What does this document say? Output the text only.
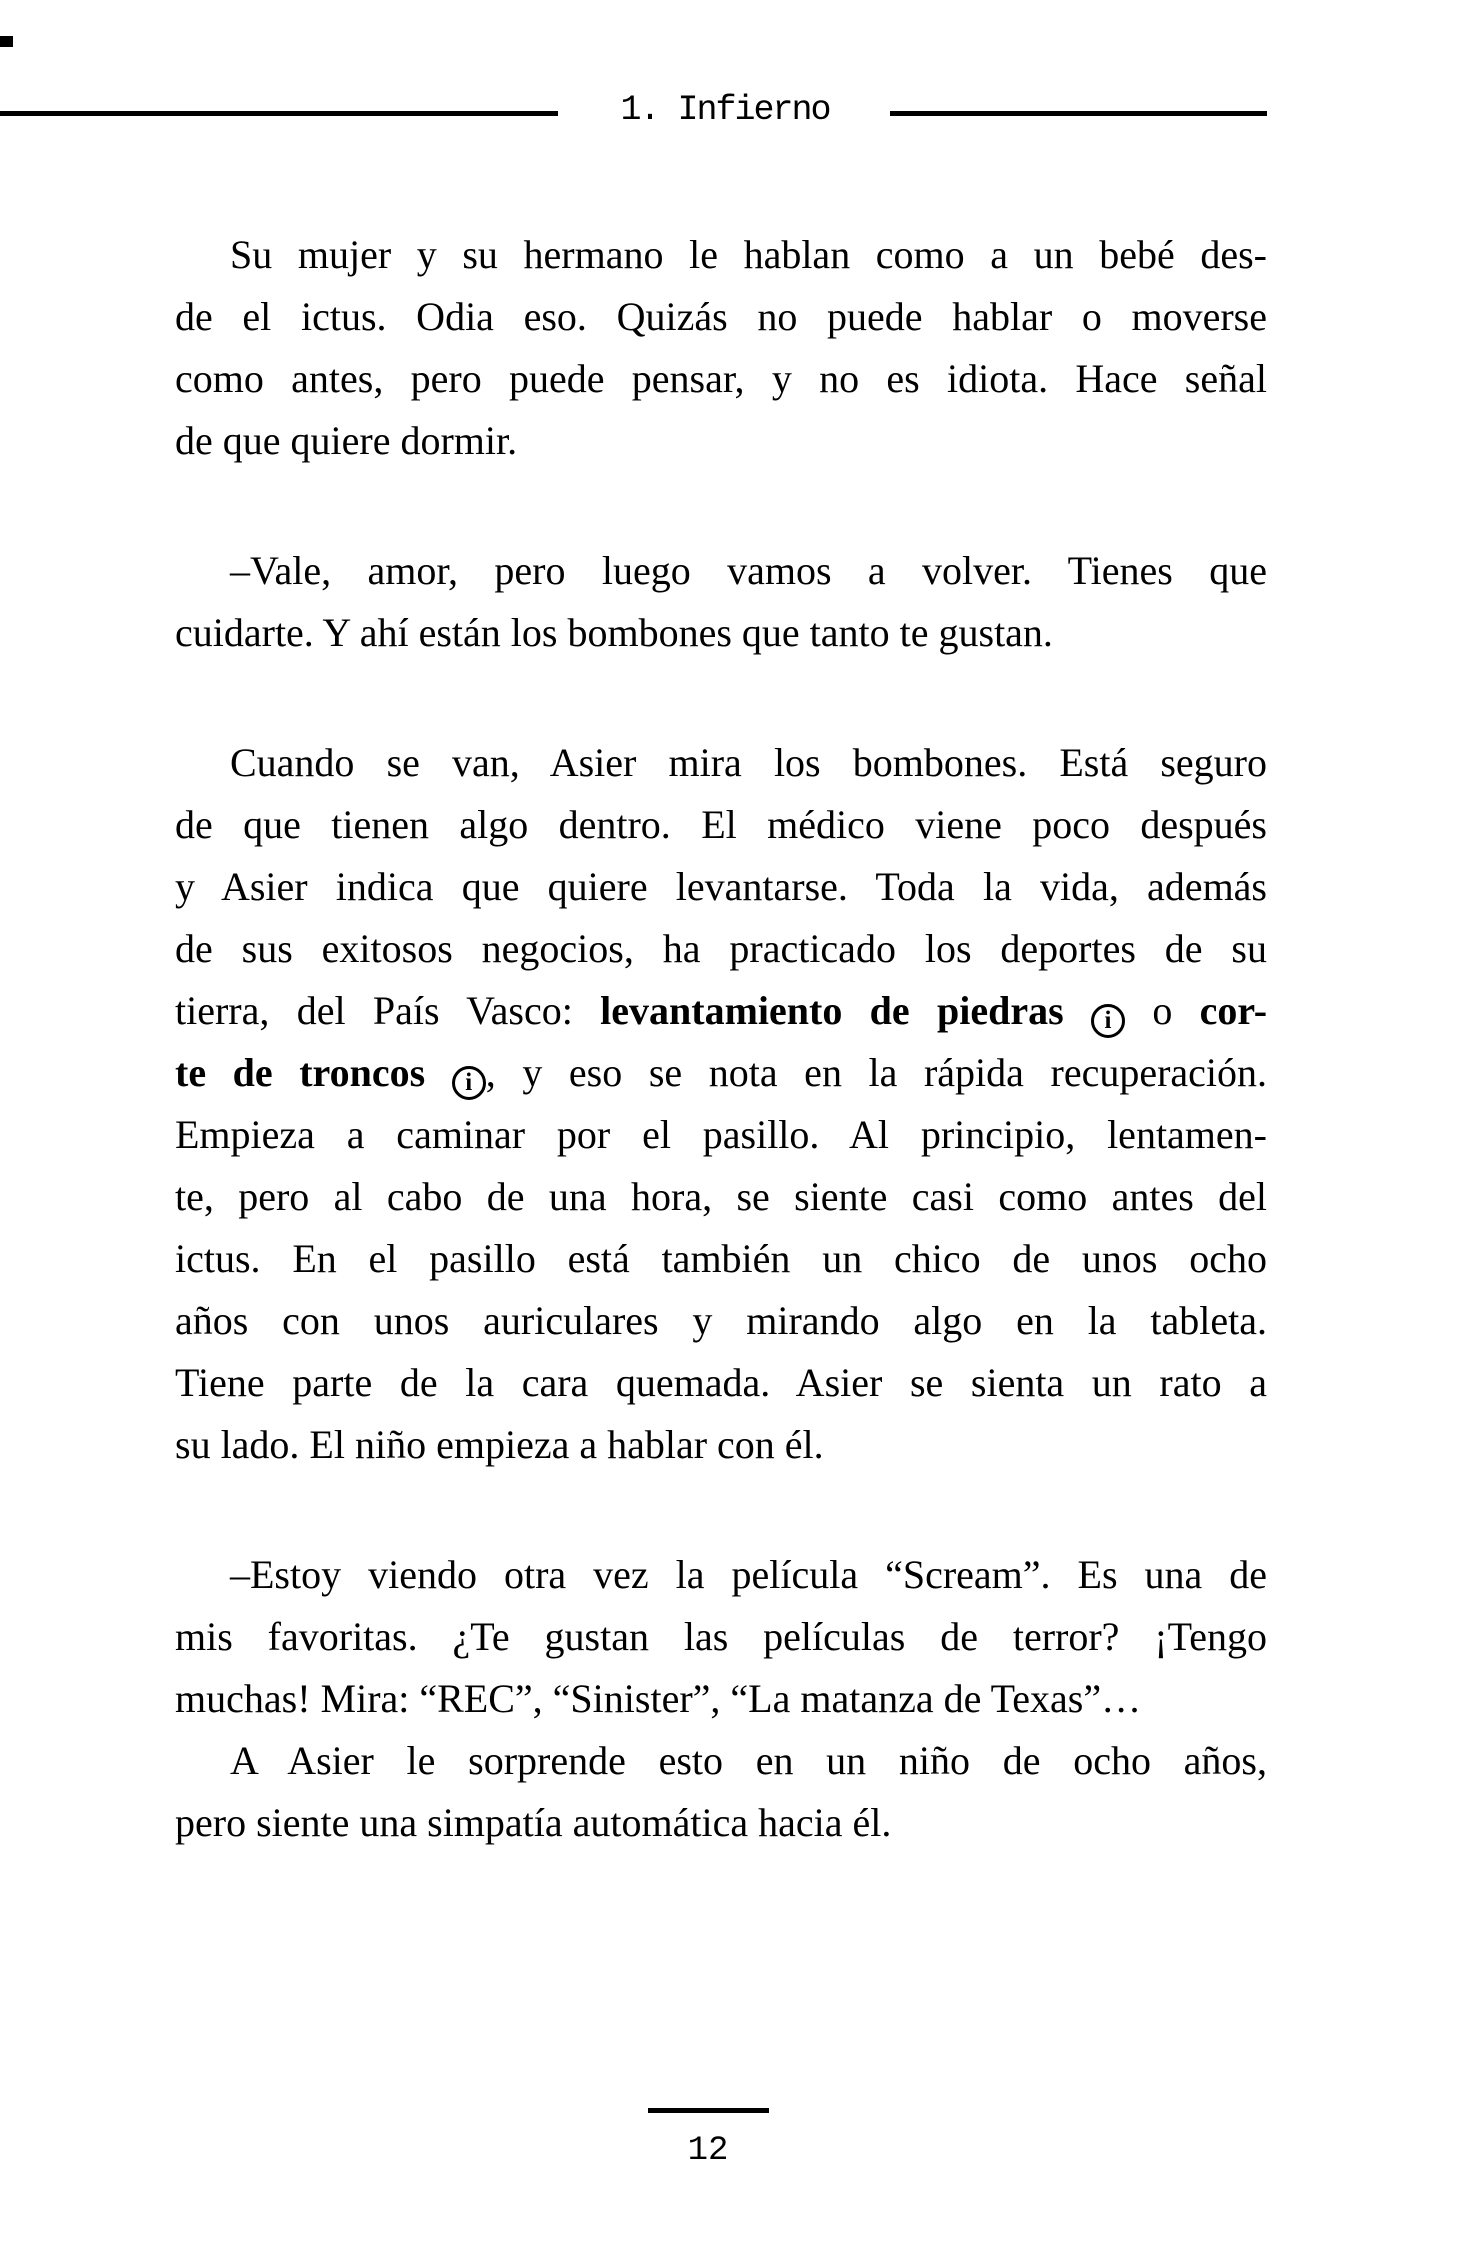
1. Infierno
Su mujer y su hermano le hablan como a un bebé des-
de el ictus. Odia eso. Quizás no puede hablar o moverse
como antes, pero puede pensar, y no es idiota. Hace señal
de que quiere dormir.
–Vale, amor, pero luego vamos a volver. Tienes que
cuidarte. Y ahí están los bombones que tanto te gustan.
Cuando se van, Asier mira los bombones. Está seguro
de que tienen algo dentro. El médico viene poco después
y Asier indica que quiere levantarse. Toda la vida, además
de sus exitosos negocios, ha practicado los deportes de su
tierra, del País Vasco: levantamiento de piedras i o cor-
te de troncos i , y eso se nota en la rápida recuperación.
Empieza a caminar por el pasillo. Al principio, lentamen-
te, pero al cabo de una hora, se siente casi como antes del
ictus. En el pasillo está también un chico de unos ocho
años con unos auriculares y mirando algo en la tableta.
Tiene parte de la cara quemada. Asier se sienta un rato a
su lado. El niño empieza a hablar con él.
–Estoy viendo otra vez la película “Scream”. Es una de
mis favoritas. ¿Te gustan las películas de terror? ¡Tengo
muchas! Mira: “REC”, “Sinister”, “La matanza de Texas”…
A Asier le sorprende esto en un niño de ocho años,
pero siente una simpatía automática hacia él.
12
